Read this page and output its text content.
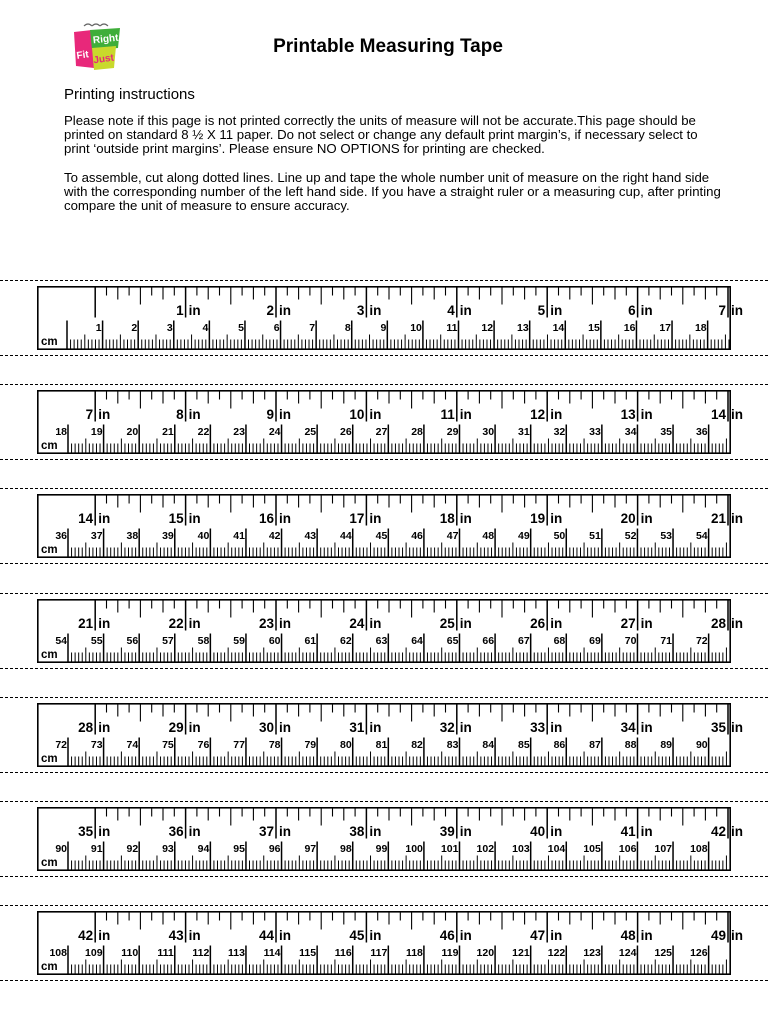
Fit
Right
Just
Printable Measuring Tape
Printing instructions
Please note if this page is not printed correctly the units of measure will not be accurate.This page should be printed on standard 8 ½ X 11 paper. Do not select or change any default print margin’s, if necessary select to print ‘outside print margins’. Please ensure NO OPTIONS for printing are checked.
To assemble, cut along dotted lines. Line up and tape the whole number unit of measure on the right hand side with the corresponding number of the left hand side. If you have a straight ruler or a measuring cup, after printing compare the unit of measure to ensure accuracy.
1 in	2 in	3 in	4 in	5 in	6 in	7 in
1	2	3	4	5	6	7	8	9 10 11 12 13 14 15 16 17 18
cm
7 in	8 in	9 in	10 in	11 in	12 in	13 in	14 in
18 19 20 21 22 23 24 25 26 27 28 29 30 31 32 33 34 35 36
cm
14 in	15 in	16 in	17 in	18 in	19 in	20 in	21 in
36 37 38 39 40 41 42 43 44 45 46 47 48 49 50 51 52 53 54
cm
21 in	22 in	23 in	24 in	25 in	26 in	27 in	28 in
54 55 56 57 58 59 60 61 62 63 64 65 66 67 68 69 70 71 72
cm
28 in	29 in	30 in	31 in	32 in	33 in	34 in	35 in
72 73 74 75 76 77 78 79 80 81 82 83 84 85 86 87 88 89 90
cm
35 in	36 in	37 in	38 in	39 in	40 in	41 in	42 in
90 91 92 93 94 95 96 97 98 99 100 101 102 103 104 105 106 107 108
cm
42 in	43 in	44 in	45 in	46 in	47 in	48 in	49 in
108 109 110 111 112 113 114 115 116 117 118 119 120 121 122 123 124 125 126
cm
